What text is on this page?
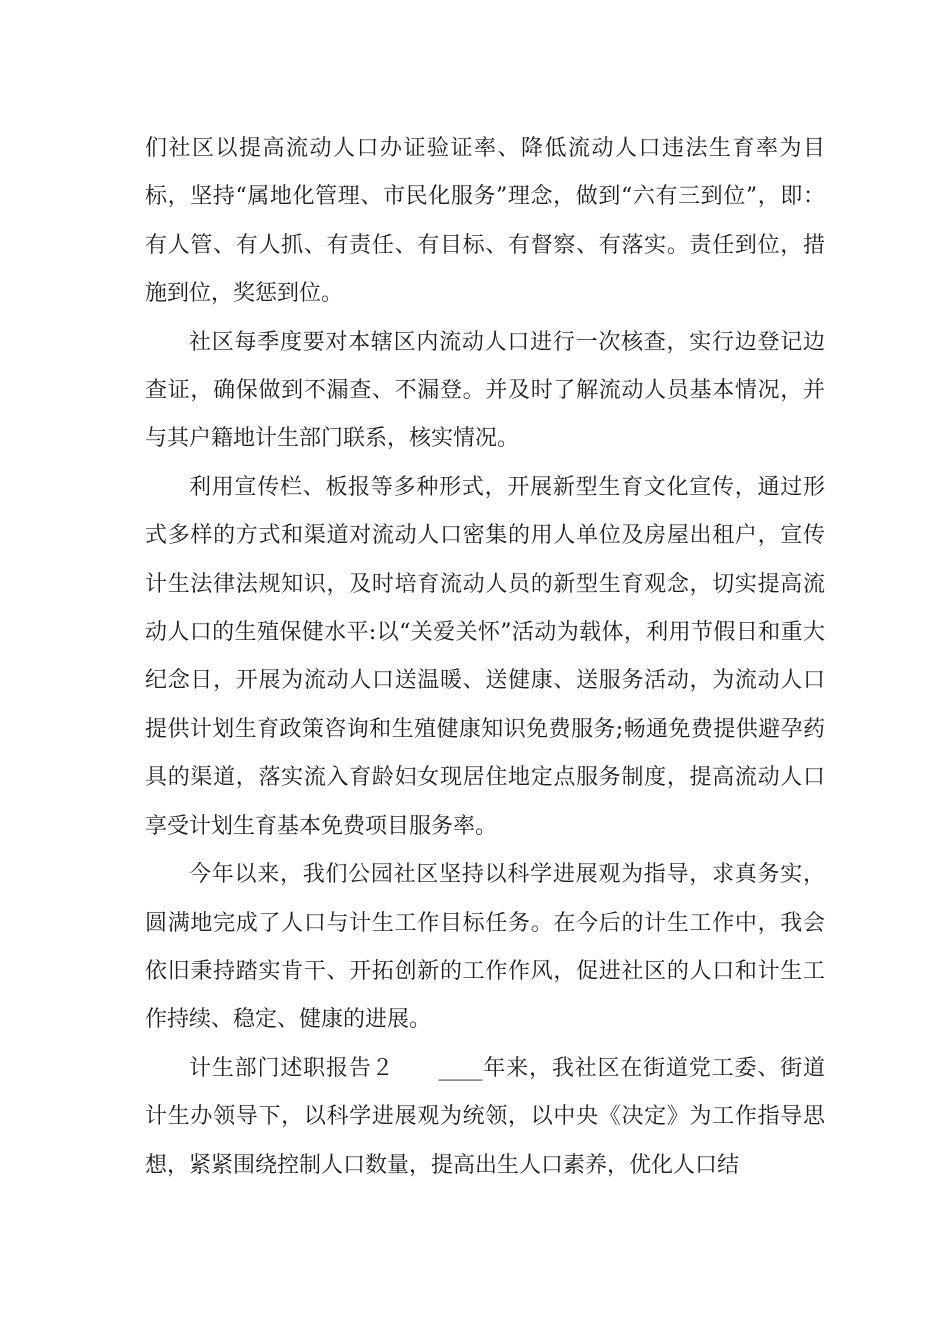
们社区以提高流动人口办证验证率、降低流动人口违法生育率为目标，坚持“属地化管理、市民化服务”理念，做到“六有三到位”，即：有人管、有人抓、有责任、有目标、有督察、有落实。责任到位，措施到位，奖惩到位。

社区每季度要对本辖区内流动人口进行一次核查，实行边登记边查证，确保做到不漏查、不漏登。并及时了解流动人员基本情况，并与其户籍地计生部门联系，核实情况。

利用宣传栏、板报等多种形式，开展新型生育文化宣传，通过形式多样的方式和渠道对流动人口密集的用人单位及房屋出租户，宣传计生法律法规知识，及时培育流动人员的新型生育观念，切实提高流动人口的生殖保健水平:以“关爱关怀”活动为载体，利用节假日和重大纪念日，开展为流动人口送温暖、送健康、送服务活动，为流动人口提供计划生育政策咨询和生殖健康知识免费服务;畅通免费提供避孕药具的渠道，落实流入育龄妇女现居住地定点服务制度，提高流动人口享受计划生育基本免费项目服务率。

今年以来，我们公园社区坚持以科学进展观为指导，求真务实，圆满地完成了人口与计生工作目标任务。在今后的计生工作中，我会依旧秉持踏实肯干、开拓创新的工作作风，促进社区的人口和计生工作持续、稳定、健康的进展。

计生部门述职报告２ ____年来，我社区在街道党工委、街道计生办领导下，以科学进展观为统领，以中央《决定》为工作指导思想，紧紧围绕控制人口数量，提高出生人口素养，优化人口结
